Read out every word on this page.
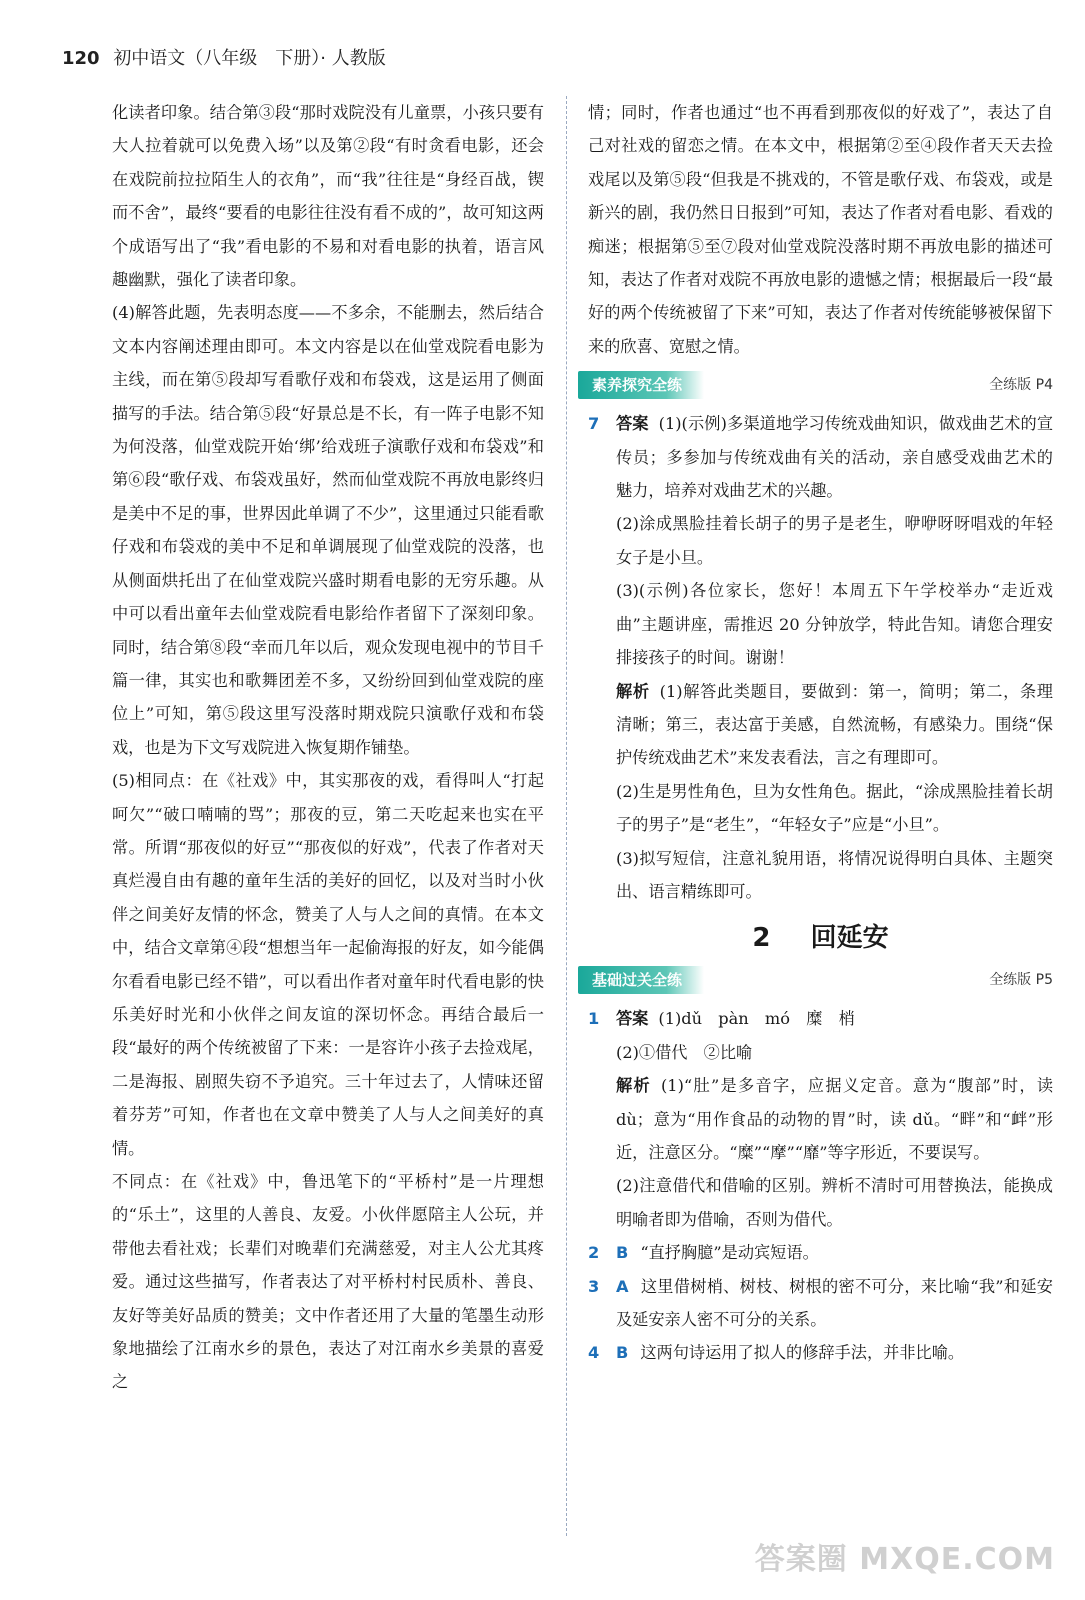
120 初中语文（八年级　下册）· 人教版

化读者印象。结合第③段“那时戏院没有儿童票，小孩只要有大人拉着就可以免费入场”以及第②段“有时贪看电影，还会在戏院前拉拉陌生人的衣角”，而“我”往往是“身经百战，锲而不舍”，最终“要看的电影往往没有看不成的”，故可知这两个成语写出了“我”看电影的不易和对看电影的执着，语言风趣幽默，强化了读者印象。

(4)解答此题，先表明态度——不多余，不能删去，然后结合文本内容阐述理由即可。本文内容是以在仙堂戏院看电影为主线，而在第⑤段却写看歌仔戏和布袋戏，这是运用了侧面描写的手法。结合第⑤段“好景总是不长，有一阵子电影不知为何没落，仙堂戏院开始‘绑’给戏班子演歌仔戏和布袋戏”和第⑥段“歌仔戏、布袋戏虽好，然而仙堂戏院不再放电影终归是美中不足的事，世界因此单调了不少”，这里通过只能看歌仔戏和布袋戏的美中不足和单调展现了仙堂戏院的没落，也从侧面烘托出了在仙堂戏院兴盛时期看电影的无穷乐趣。从中可以看出童年去仙堂戏院看电影给作者留下了深刻印象。同时，结合第⑧段“幸而几年以后，观众发现电视中的节目千篇一律，其实也和歌舞团差不多，又纷纷回到仙堂戏院的座位上”可知，第⑤段这里写没落时期戏院只演歌仔戏和布袋戏，也是为下文写戏院进入恢复期作铺垫。

(5)相同点：在《社戏》中，其实那夜的戏，看得叫人“打起呵欠”“破口喃喃的骂”；那夜的豆，第二天吃起来也实在平常。所谓“那夜似的好豆”“那夜似的好戏”，代表了作者对天真烂漫自由有趣的童年生活的美好的回忆，以及对当时小伙伴之间美好友情的怀念，赞美了人与人之间的真情。在本文中，结合文章第④段“想想当年一起偷海报的好友，如今能偶尔看看电影已经不错”，可以看出作者对童年时代看电影的快乐美好时光和小伙伴之间友谊的深切怀念。再结合最后一段“最好的两个传统被留了下来：一是容许小孩子去捡戏尾，二是海报、剧照失窃不予追究。三十年过去了，人情味还留着芬芳”可知，作者也在文章中赞美了人与人之间美好的真情。

不同点：在《社戏》中，鲁迅笔下的“平桥村”是一片理想的“乐土”，这里的人善良、友爱。小伙伴愿陪主人公玩，并带他去看社戏；长辈们对晚辈们充满慈爱，对主人公尤其疼爱。通过这些描写，作者表达了对平桥村村民质朴、善良、友好等美好品质的赞美；文中作者还用了大量的笔墨生动形象地描绘了江南水乡的景色，表达了对江南水乡美景的喜爱之

情；同时，作者也通过“也不再看到那夜似的好戏了”，表达了自己对社戏的留恋之情。在本文中，根据第②至④段作者天天去捡戏尾以及第⑤段“但我是不挑戏的，不管是歌仔戏、布袋戏，或是新兴的剧，我仍然日日报到”可知，表达了作者对看电影、看戏的痴迷；根据第⑤至⑦段对仙堂戏院没落时期不再放电影的描述可知，表达了作者对戏院不再放电影的遗憾之情；根据最后一段“最好的两个传统被留了下来”可知，表达了作者对传统能够被保留下来的欣喜、宽慰之情。

素养探究全练	全练版 P4
7	答案 (1)(示例)多渠道地学习传统戏曲知识，做戏曲艺术的宣传员；多参加与传统戏曲有关的活动，亲自感受戏曲艺术的魅力，培养对戏曲艺术的兴趣。

(2)涂成黑脸挂着长胡子的男子是老生，咿咿呀呀唱戏的年轻女子是小旦。

(3)(示例)各位家长，您好！本周五下午学校举办“走近戏曲”主题讲座，需推迟 20 分钟放学，特此告知。请您合理安排接孩子的时间。谢谢！

解析 (1)解答此类题目，要做到：第一，简明；第二，条理清晰；第三，表达富于美感，自然流畅，有感染力。围绕“保护传统戏曲艺术”来发表看法，言之有理即可。

(2)生是男性角色，旦为女性角色。据此，“涂成黑脸挂着长胡子的男子”是“老生”，“年轻女子”应是“小旦”。

(3)拟写短信，注意礼貌用语，将情况说得明白具体、主题突出、语言精练即可。

2 回延安
基础过关全练	全练版 P5
1	答案 (1)dǔ　pàn　mó　糜　梢

(2)①借代　②比喻

解析 (1)“肚”是多音字，应据义定音。意为“腹部”时，读 dù；意为“用作食品的动物的胃”时，读 dǔ。“畔”和“衅”形近，注意区分。“糜”“摩”“靡”等字形近，不要误写。

(2)注意借代和借喻的区别。辨析不清时可用替换法，能换成明喻者即为借喻，否则为借代。

2	B “直抒胸臆”是动宾短语。

3	A 这里借树梢、树枝、树根的密不可分，来比喻“我”和延安及延安亲人密不可分的关系。

4	B 这两句诗运用了拟人的修辞手法，并非比喻。

答案圈 MXQE.COM
